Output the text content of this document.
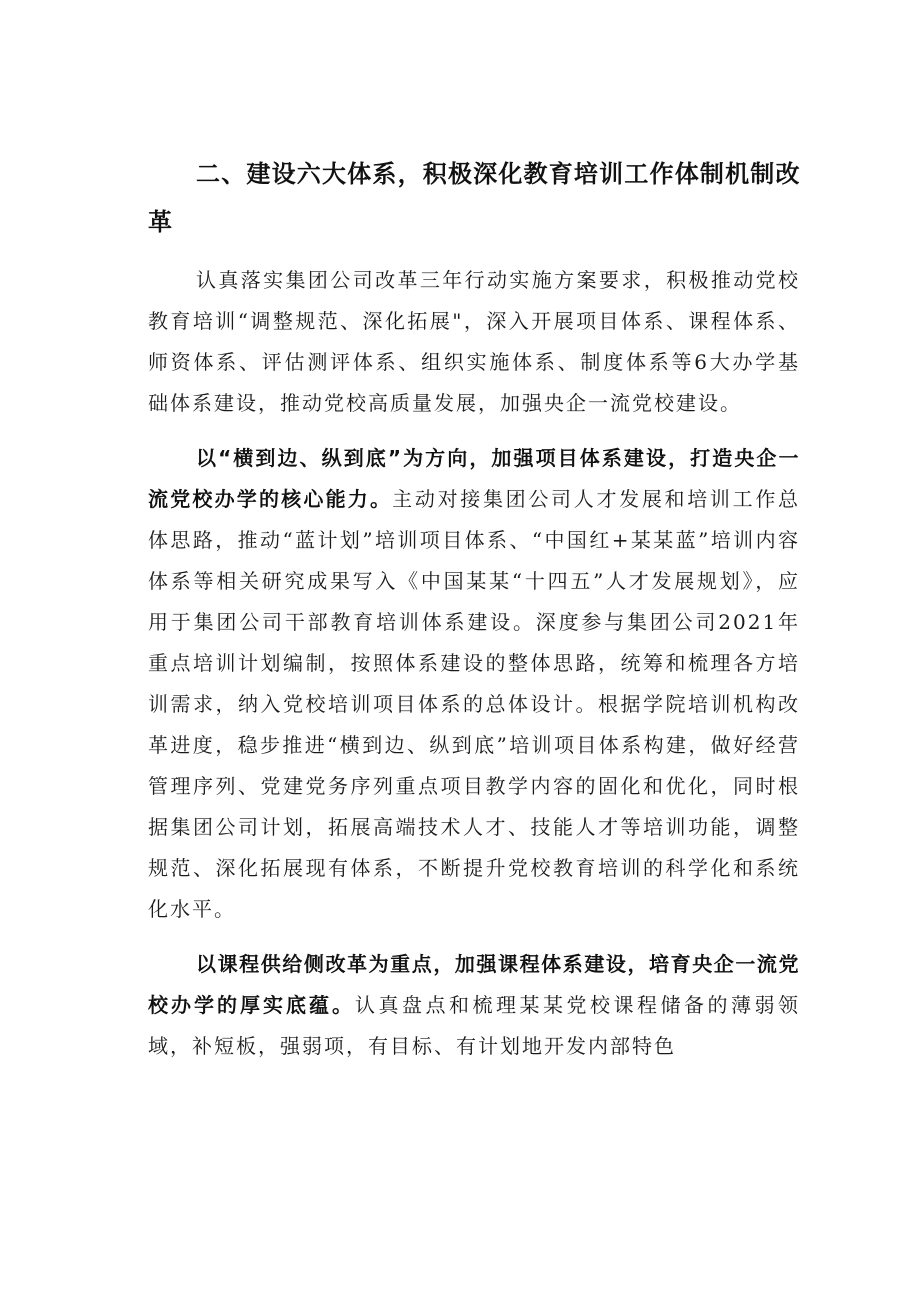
二、建设六大体系，积极深化教育培训工作体制机制改革

认真落实集团公司改革三年行动实施方案要求，积极推动党校教育培训“调整规范、深化拓展"，深入开展项目体系、课程体系、师资体系、评估测评体系、组织实施体系、制度体系等6大办学基础体系建设，推动党校高质量发展，加强央企一流党校建设。

以“横到边、纵到底”为方向，加强项目体系建设，打造央企一流党校办学的核心能力。主动对接集团公司人才发展和培训工作总体思路，推动“蓝计划”培训项目体系、“中国红+某某蓝”培训内容体系等相关研究成果写入《中国某某“十四五”人才发展规划》，应用于集团公司干部教育培训体系建设。深度参与集团公司2021年重点培训计划编制，按照体系建设的整体思路，统筹和梳理各方培训需求，纳入党校培训项目体系的总体设计。根据学院培训机构改革进度，稳步推进“横到边、纵到底”培训项目体系构建，做好经营管理序列、党建党务序列重点项目教学内容的固化和优化，同时根据集团公司计划，拓展高端技术人才、技能人才等培训功能，调整规范、深化拓展现有体系，不断提升党校教育培训的科学化和系统化水平。

以课程供给侧改革为重点，加强课程体系建设，培育央企一流党校办学的厚实底蕴。认真盘点和梳理某某党校课程储备的薄弱领域，补短板，强弱项，有目标、有计划地开发内部特色
